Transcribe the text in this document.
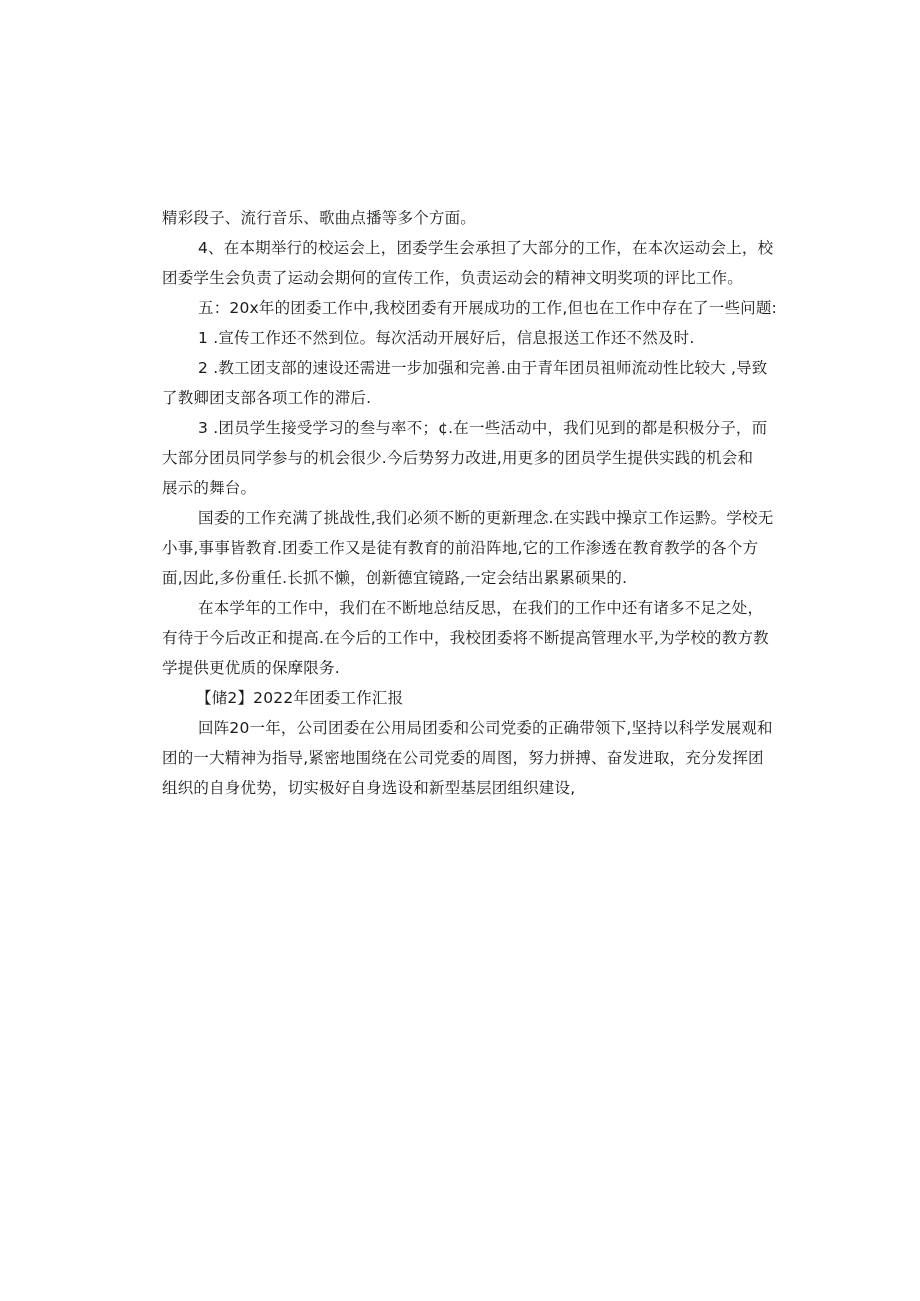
精彩段子、流行音乐、歌曲点播等多个方面。
4、在本期举行的校运会上，团委学生会承担了大部分的工作，在本次运动会上，校
团委学生会负责了运动会期何的宣传工作，负责运动会的精神文明奖项的评比工作。
五：20x年的团委工作中,我校团委有开展成功的工作,但也在工作中存在了一些问题:
1 .宣传工作还不然到位。每次活动开展好后，信息报送工作还不然及时.
2 .教工团支部的速设还需进一步加强和完善.由于青年团员祖师流动性比较大 ,导致
了教卿团支部各项工作的滞后.
3 .团员学生接受学习的叁与率不；¢.在一些活动中，我们见到的都是积极分子，而
大部分团员同学参与的机会很少.今后势努力改进,用更多的团员学生提供实践的机会和
展示的舞台。
国委的工作充满了挑战性,我们必须不断的更新理念.在实践中操京工作运黔。学校无
小事,事事皆教育.团委工作又是徒有教育的前沿阵地,它的工作渗透在教育教学的各个方
面,因此,多份重任.长抓不懒，创新德宜镜路,一定会结出累累硕果的.
在本学年的工作中，我们在不断地总结反思，在我们的工作中还有诸多不足之处，
有待于今后改正和提高.在今后的工作中，我校团委将不断提高管理水平,为学校的教方教
学提供更优质的保摩限务.
【储2】2022年团委工作汇报
回阵20一年，公司团委在公用局团委和公司党委的正确带领下,坚持以科学发展观和
团的一大精神为指导,紧密地围绕在公司党委的周图，努力拼搏、奋发进取，充分发挥团
组织的自身优势，切实极好自身选设和新型基层团组织建设,
